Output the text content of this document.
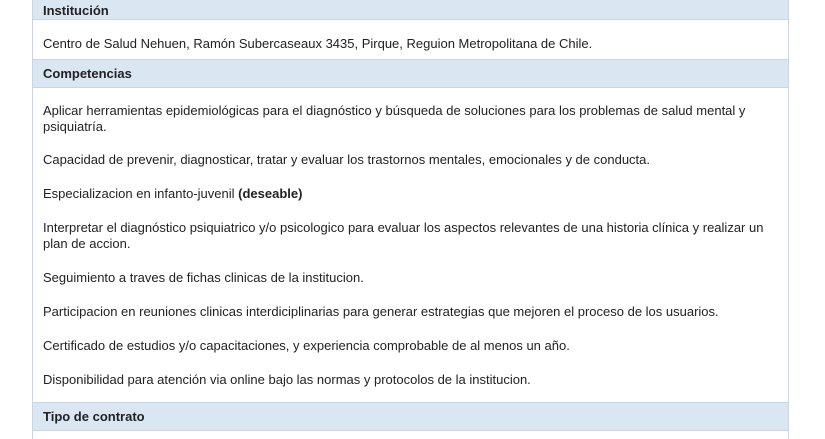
Institución

Centro de Salud Nehuen, Ramón Subercaseaux 3435, Pirque, Reguion Metropolitana de Chile.

Competencias

Aplicar herramientas epidemiológicas para el diagnóstico y búsqueda de soluciones para los problemas de salud mental y psiquiatría.

Capacidad de prevenir, diagnosticar, tratar y evaluar los trastornos mentales, emocionales y de conducta.

Especializacion en infanto-juvenil (deseable)

Interpretar el diagnóstico psiquiatrico y/o psicologico para evaluar los aspectos relevantes de una historia clínica y realizar un plan de accion.

Seguimiento a traves de fichas clinicas de la institucion.

Participacion en reuniones clinicas interdiciplinarias para generar estrategias que mejoren el proceso de los usuarios.

Certificado de estudios y/o capacitaciones, y experiencia comprobable de al menos un año.

Disponibilidad para atención via online bajo las normas y protocolos de la institucion.

Tipo de contrato
